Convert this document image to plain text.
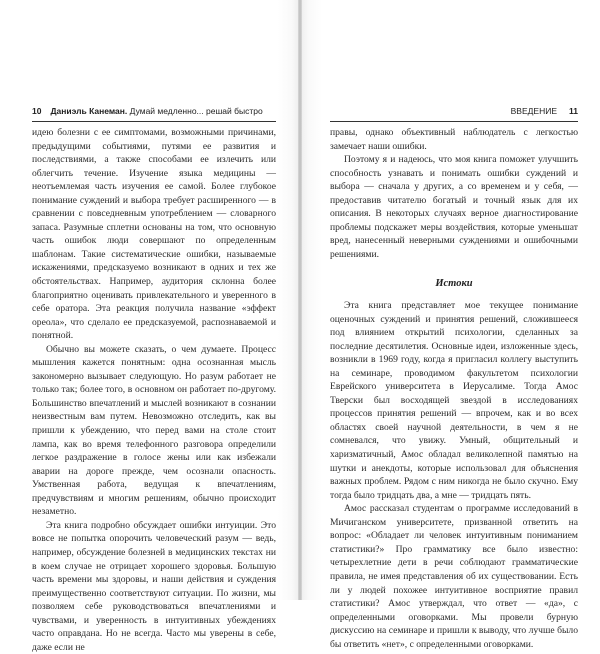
10 Даниэль Канеман. Думай медленно... решай быстро

идею болезни с ее симптомами, возможными причинами, предыдущими событиями, путями ее развития и последствиями, а также способами ее излечить или облегчить течение. Изучение языка медицины — неотъемлемая часть изучения ее самой. Более глубокое понимание суждений и выбора требует расширенного — в сравнении с повседневным употреблением — словарного запаса. Разумные сплетни основаны на том, что основную часть ошибок люди совершают по определенным шаблонам. Такие систематические ошибки, называемые искажениями, предсказуемо возникают в одних и тех же обстоятельствах. Например, аудитория склонна более благоприятно оценивать привлекательного и уверенного в себе оратора. Эта реакция получила название «эффект ореола», что сделало ее предсказуемой, распознаваемой и понятной.

Обычно вы можете сказать, о чем думаете. Процесс мышления кажется понятным: одна осознанная мысль закономерно вызывает следующую. Но разум работает не только так; более того, в основном он работает по-другому. Большинство впечатлений и мыслей возникают в сознании неизвестным вам путем. Невозможно отследить, как вы пришли к убеждению, что перед вами на столе стоит лампа, как во время телефонного разговора определили легкое раздражение в голосе жены или как избежали аварии на дороге прежде, чем осознали опасность. Умственная работа, ведущая к впечатлениям, предчувствиям и многим решениям, обычно происходит незаметно.

Эта книга подробно обсуждает ошибки интуиции. Это вовсе не попытка опорочить человеческий разум — ведь, например, обсуждение болезней в медицинских текстах ни в коем случае не отрицает хорошего здоровья. Большую часть времени мы здоровы, и наши действия и суждения преимущественно соответствуют ситуации. По жизни, мы позволяем себе руководствоваться впечатлениями и чувствами, и уверенность в интуитивных убеждениях часто оправдана. Но не всегда. Часто мы уверены в себе, даже если не

ВВЕДЕНИЕ 11

правы, однако объективный наблюдатель с легкостью замечает наши ошибки.

Поэтому я и надеюсь, что моя книга поможет улучшить способность узнавать и понимать ошибки суждений и выбора — сначала у других, а со временем и у себя, — предоставив читателю богатый и точный язык для их описания. В некоторых случаях верное диагностирование проблемы подскажет меры воздействия, которые уменьшат вред, нанесенный неверными суждениями и ошибочными решениями.

Истоки

Эта книга представляет мое текущее понимание оценочных суждений и принятия решений, сложившееся под влиянием открытий психологии, сделанных за последние десятилетия. Основные идеи, изложенные здесь, возникли в 1969 году, когда я пригласил коллегу выступить на семинаре, проводимом факультетом психологии Еврейского университета в Иерусалиме. Тогда Амос Тверски был восходящей звездой в исследованиях процессов принятия решений — впрочем, как и во всех областях своей научной деятельности, в чем я не сомневался, что увижу. Умный, общительный и харизматичный, Амос обладал великолепной памятью на шутки и анекдоты, которые использовал для объяснения важных проблем. Рядом с ним никогда не было скучно. Ему тогда было тридцать два, а мне — тридцать пять.

Амос рассказал студентам о программе исследований в Мичиганском университете, призванной ответить на вопрос: «Обладает ли человек интуитивным пониманием статистики?» Про грамматику все было известно: четырехлетние дети в речи соблюдают грамматические правила, не имея представления об их существовании. Есть ли у людей похожее интуитивное восприятие правил статистики? Амос утверждал, что ответ — «да», с определенными оговорками. Мы провели бурную дискуссию на семинаре и пришли к выводу, что лучше было бы ответить «нет», с определенными оговорками.
